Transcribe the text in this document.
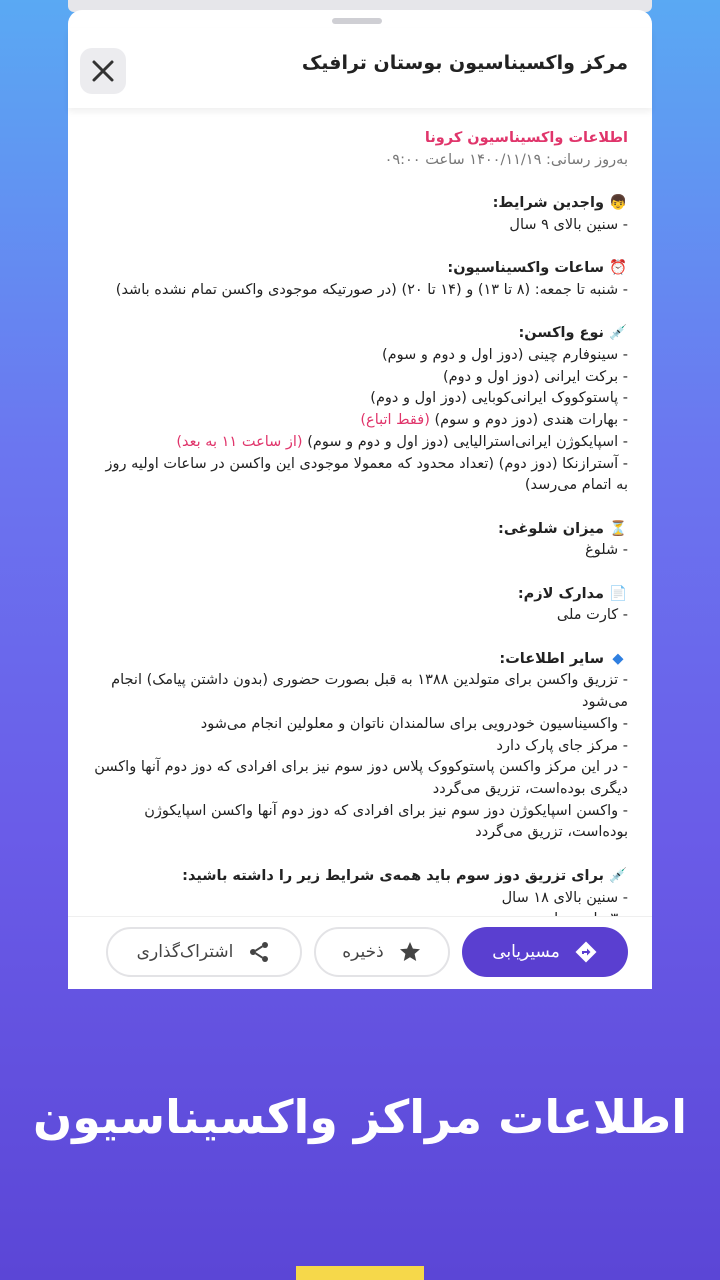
مرکز واکسیناسیون بوستان ترافیک
اطلاعات واکسیناسیون کرونا
به‌روز رسانی: ۱۴۰۰/۱۱/۱۹ ساعت ۰۹:۰۰
👦واجدین شرایط:
- سنین بالای ۹ سال
⏰ساعات واکسیناسیون:
- شنبه تا جمعه: (۸ تا ۱۳) و (۱۴ تا ۲۰) (در صورتیکه موجودی واکسن تمام نشده باشد)
💉نوع واکسن:
- سینوفارم چینی (دوز اول و دوم و سوم)
- برکت ایرانی (دوز اول و دوم)
- پاستوکووک ایرانی‌کوبایی (دوز اول و دوم)
- بهارات هندی (دوز دوم و سوم) (فقط اتباع)
- اسپایکوژن ایرانی‌استرالیایی (دوز اول و دوم و سوم) (از ساعت ۱۱ به بعد)
- آسترازنکا (دوز دوم) (تعداد محدود که معمولا موجودی این واکسن در ساعات اولیه روز به اتمام می‌رسد)
⏳میزان شلوغی:
- شلوغ
📄مدارک لازم:
- کارت ملی
◆سایر اطلاعات:
- تزریق واکسن برای متولدین ۱۳۸۸ به قبل بصورت حضوری (بدون داشتن پیامک) انجام می‌شود
- واکسیناسیون خودرویی برای سالمندان ناتوان و معلولین انجام می‌شود
- مرکز جای پارک دارد
- در این مرکز واکسن پاستوکووک پلاس دوز سوم نیز برای افرادی که دوز دوم آنها واکسن دیگری بوده‌است، تزریق می‌گردد
- واکسن اسپایکوژن دوز سوم نیز برای افرادی که دوز دوم آنها واکسن اسپایکوژن بوده‌است، تزریق می‌گردد
💉برای تزریق دوز سوم باید همه‌ی شرایط زیر را داشته باشید:
- سنین بالای ۱۸ سال
مسیریابی
ذخیره
اشتراک‌گذاری
اطلاعات مراکز واکسیناسیون
